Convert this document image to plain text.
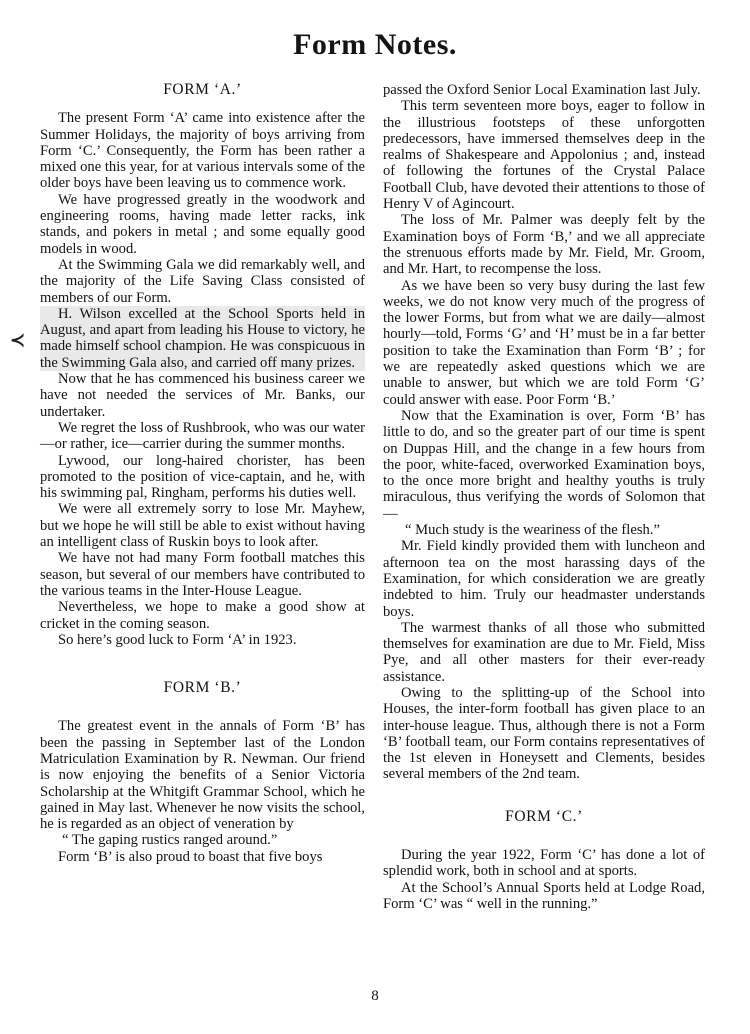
Form Notes.
≺
FORM ‘A.’

The present Form ‘A’ came into existence after the Summer Holidays, the majority of boys arriving from Form ‘C.’ Consequently, the Form has been rather a mixed one this year, for at various intervals some of the older boys have been leaving us to commence work.

We have progressed greatly in the woodwork and engineering rooms, having made letter racks, ink stands, and pokers in metal ; and some equally good models in wood.

At the Swimming Gala we did remarkably well, and the majority of the Life Saving Class consisted of members of our Form.

H. Wilson excelled at the School Sports held in August, and apart from leading his House to victory, he made himself school champion. He was conspicuous in the Swimming Gala also, and carried off many prizes.

Now that he has commenced his business career we have not needed the services of Mr. Banks, our undertaker.

We regret the loss of Rushbrook, who was our water—or rather, ice—carrier during the summer months.

Lywood, our long-haired chorister, has been promoted to the position of vice-captain, and he, with his swimming pal, Ringham, performs his duties well.

We were all extremely sorry to lose Mr. Mayhew, but we hope he will still be able to exist without having an intelligent class of Ruskin boys to look after.

We have not had many Form football matches this season, but several of our members have contributed to the various teams in the Inter-House League.

Nevertheless, we hope to make a good show at cricket in the coming season.

So here’s good luck to Form ‘A’ in 1923.

FORM ‘B.’

The greatest event in the annals of Form ‘B’ has been the passing in September last of the London Matriculation Examination by R. Newman. Our friend is now enjoying the benefits of a Senior Victoria Scholarship at the Whitgift Grammar School, which he gained in May last. Whenever he now visits the school, he is regarded as an object of veneration by

“ The gaping rustics ranged around.”

Form ‘B’ is also proud to boast that five boys

passed the Oxford Senior Local Examination last July.

This term seventeen more boys, eager to follow in the illustrious footsteps of these unforgotten predecessors, have immersed themselves deep in the realms of Shakespeare and Appolonius ; and, instead of following the fortunes of the Crystal Palace Football Club, have devoted their attentions to those of Henry V of Agincourt.

The loss of Mr. Palmer was deeply felt by the Examination boys of Form ‘B,’ and we all appreciate the strenuous efforts made by Mr. Field, Mr. Groom, and Mr. Hart, to recompense the loss.

As we have been so very busy during the last few weeks, we do not know very much of the progress of the lower Forms, but from what we are daily—almost hourly—told, Forms ‘G’ and ‘H’ must be in a far better position to take the Examination than Form ‘B’ ; for we are repeatedly asked questions which we are unable to answer, but which we are told Form ‘G’ could answer with ease. Poor Form ‘B.’

Now that the Examination is over, Form ‘B’ has little to do, and so the greater part of our time is spent on Duppas Hill, and the change in a few hours from the poor, white-faced, overworked Examination boys, to the once more bright and healthy youths is truly miraculous, thus verifying the words of Solomon that—

“ Much study is the weariness of the flesh.”

Mr. Field kindly provided them with luncheon and afternoon tea on the most harassing days of the Examination, for which consideration we are greatly indebted to him. Truly our headmaster understands boys.

The warmest thanks of all those who submitted themselves for examination are due to Mr. Field, Miss Pye, and all other masters for their ever-ready assistance.

Owing to the splitting-up of the School into Houses, the inter-form football has given place to an inter-house league. Thus, although there is not a Form ‘B’ football team, our Form contains representatives of the 1st eleven in Honeysett and Clements, besides several members of the 2nd team.

FORM ‘C.’

During the year 1922, Form ‘C’ has done a lot of splendid work, both in school and at sports.

At the School’s Annual Sports held at Lodge Road, Form ‘C’ was “ well in the running.”

8
